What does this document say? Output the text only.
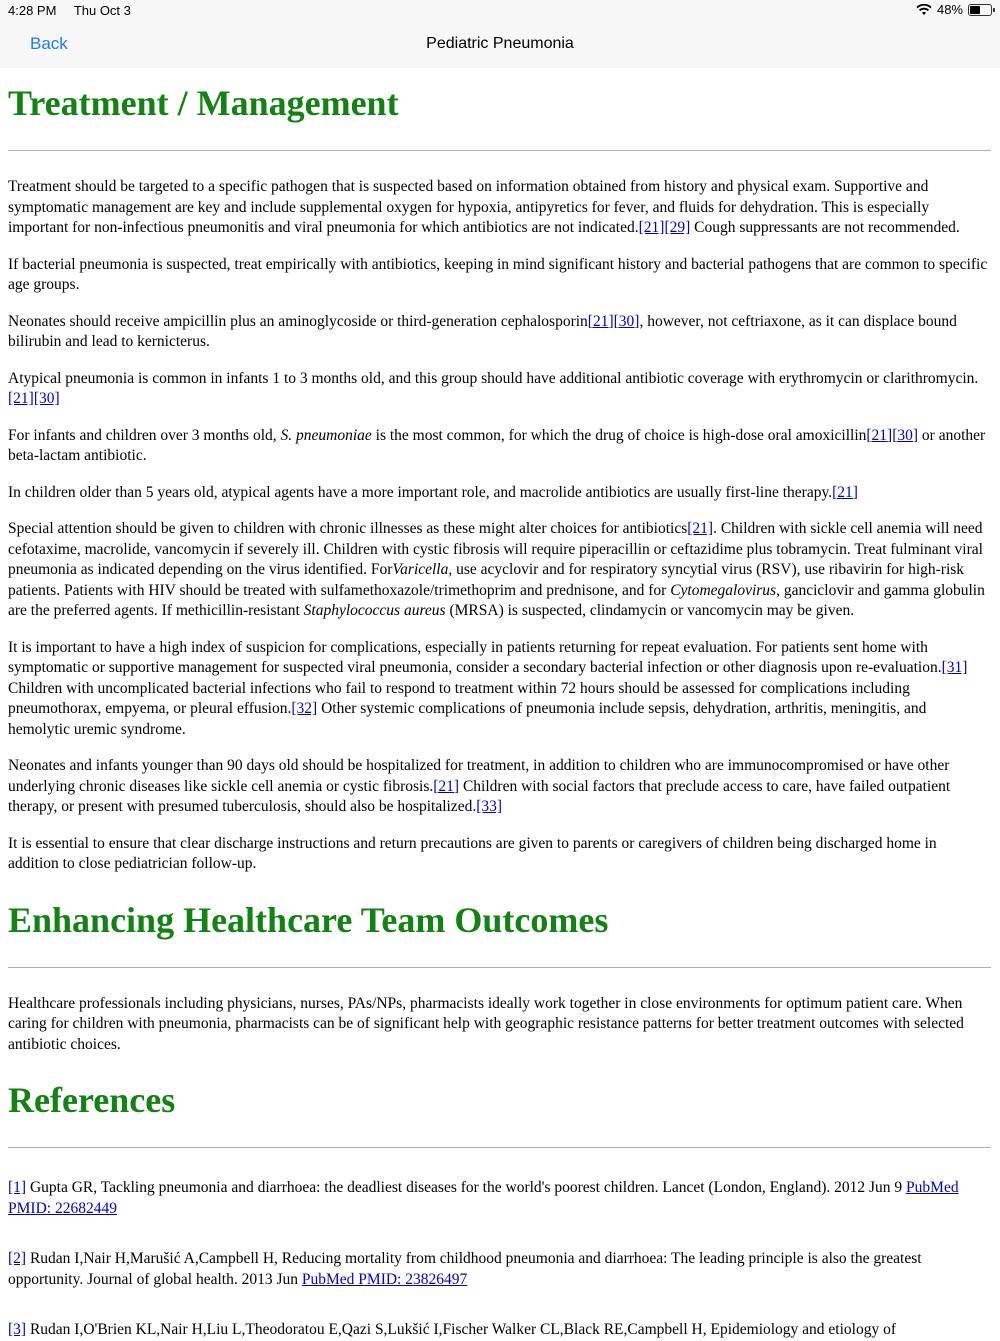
4:28 PM Thu Oct 3	48%
Back	Pediatric Pneumonia
Treatment / Management

Treatment should be targeted to a specific pathogen that is suspected based on information obtained from history and physical exam. Supportive and symptomatic management are key and include supplemental oxygen for hypoxia, antipyretics for fever, and fluids for dehydration. This is especially important for non-infectious pneumonitis and viral pneumonia for which antibiotics are not indicated.[21][29] Cough suppressants are not recommended.

If bacterial pneumonia is suspected, treat empirically with antibiotics, keeping in mind significant history and bacterial pathogens that are common to specific age groups.

Neonates should receive ampicillin plus an aminoglycoside or third-generation cephalosporin[21][30], however, not ceftriaxone, as it can displace bound bilirubin and lead to kernicterus.

Atypical pneumonia is common in infants 1 to 3 months old, and this group should have additional antibiotic coverage with erythromycin or clarithromycin.[21][30]

For infants and children over 3 months old, S. pneumoniae is the most common, for which the drug of choice is high-dose oral amoxicillin[21][30] or another beta-lactam antibiotic.

In children older than 5 years old, atypical agents have a more important role, and macrolide antibiotics are usually first-line therapy.[21]

Special attention should be given to children with chronic illnesses as these might alter choices for antibiotics[21]. Children with sickle cell anemia will need cefotaxime, macrolide, vancomycin if severely ill. Children with cystic fibrosis will require piperacillin or ceftazidime plus tobramycin. Treat fulminant viral pneumonia as indicated depending on the virus identified. ForVaricella, use acyclovir and for respiratory syncytial virus (RSV), use ribavirin for high-risk patients. Patients with HIV should be treated with sulfamethoxazole/trimethoprim and prednisone, and for Cytomegalovirus, ganciclovir and gamma globulin are the preferred agents. If methicillin-resistant Staphylococcus aureus (MRSA) is suspected, clindamycin or vancomycin may be given.

It is important to have a high index of suspicion for complications, especially in patients returning for repeat evaluation. For patients sent home with symptomatic or supportive management for suspected viral pneumonia, consider a secondary bacterial infection or other diagnosis upon re-evaluation.[31] Children with uncomplicated bacterial infections who fail to respond to treatment within 72 hours should be assessed for complications including pneumothorax, empyema, or pleural effusion.[32] Other systemic complications of pneumonia include sepsis, dehydration, arthritis, meningitis, and hemolytic uremic syndrome.

Neonates and infants younger than 90 days old should be hospitalized for treatment, in addition to children who are immunocompromised or have other underlying chronic diseases like sickle cell anemia or cystic fibrosis.[21] Children with social factors that preclude access to care, have failed outpatient therapy, or present with presumed tuberculosis, should also be hospitalized.[33]

It is essential to ensure that clear discharge instructions and return precautions are given to parents or caregivers of children being discharged home in addition to close pediatrician follow-up.

Enhancing Healthcare Team Outcomes

Healthcare professionals including physicians, nurses, PAs/NPs, pharmacists ideally work together in close environments for optimum patient care. When caring for children with pneumonia, pharmacists can be of significant help with geographic resistance patterns for better treatment outcomes with selected antibiotic choices.

References

[1] Gupta GR, Tackling pneumonia and diarrhoea: the deadliest diseases for the world's poorest children. Lancet (London, England). 2012 Jun 9 PubMed PMID: 22682449

[2] Rudan I,Nair H,Marušić A,Campbell H, Reducing mortality from childhood pneumonia and diarrhoea: The leading principle is also the greatest opportunity. Journal of global health. 2013 Jun PubMed PMID: 23826497

[3] Rudan I,O'Brien KL,Nair H,Liu L,Theodoratou E,Qazi S,Lukšić I,Fischer Walker CL,Black RE,Campbell H, Epidemiology and etiology of
